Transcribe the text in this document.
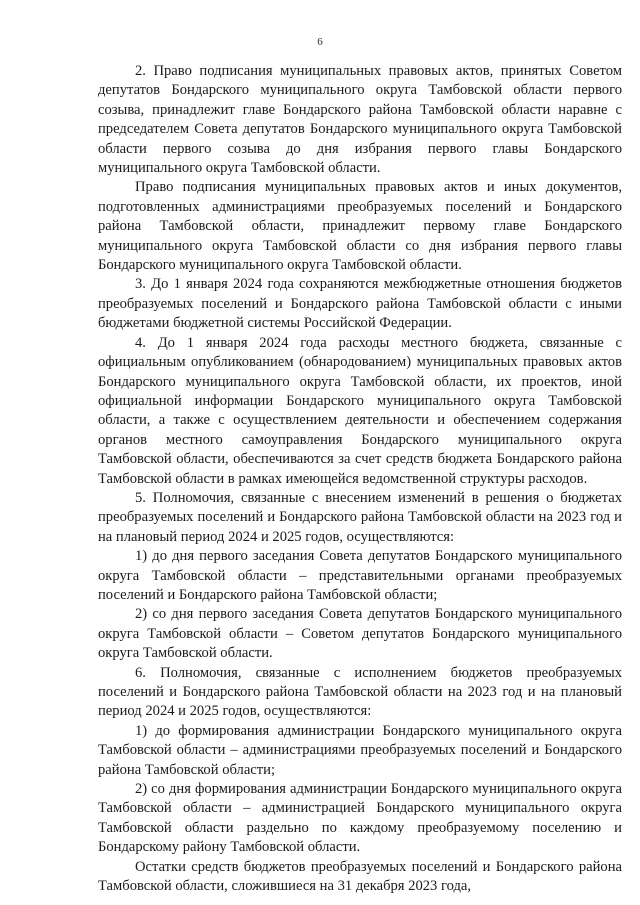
6

2. Право подписания муниципальных правовых актов, принятых Советом депутатов Бондарского муниципального округа Тамбовской области первого созыва, принадлежит главе Бондарского района Тамбовской области наравне с председателем Совета депутатов Бондарского муниципального округа Тамбовской области первого созыва до дня избрания первого главы Бондарского муниципального округа Тамбовской области.

Право подписания муниципальных правовых актов и иных документов, подготовленных администрациями преобразуемых поселений и Бондарского района Тамбовской области, принадлежит первому главе Бондарского муниципального округа Тамбовской области со дня избрания первого главы Бондарского муниципального округа Тамбовской области.

3. До 1 января 2024 года сохраняются межбюджетные отношения бюджетов преобразуемых поселений и Бондарского района Тамбовской области с иными бюджетами бюджетной системы Российской Федерации.

4. До 1 января 2024 года расходы местного бюджета, связанные с официальным опубликованием (обнародованием) муниципальных правовых актов Бондарского муниципального округа Тамбовской области, их проектов, иной официальной информации Бондарского муниципального округа Тамбовской области, а также с осуществлением деятельности и обеспечением содержания органов местного самоуправления Бондарского муниципального округа Тамбовской области, обеспечиваются за счет средств бюджета Бондарского района Тамбовской области в рамках имеющейся ведомственной структуры расходов.

5. Полномочия, связанные с внесением изменений в решения о бюджетах преобразуемых поселений и Бондарского района Тамбовской области на 2023 год и на плановый период 2024 и 2025 годов, осуществляются:

1) до дня первого заседания Совета депутатов Бондарского муниципального округа Тамбовской области – представительными органами преобразуемых поселений и Бондарского района Тамбовской области;

2) со дня первого заседания Совета депутатов Бондарского муниципального округа Тамбовской области – Советом депутатов Бондарского муниципального округа Тамбовской области.

6. Полномочия, связанные с исполнением бюджетов преобразуемых поселений и Бондарского района Тамбовской области на 2023 год и на плановый период 2024 и 2025 годов, осуществляются:

1) до формирования администрации Бондарского муниципального округа Тамбовской области – администрациями преобразуемых поселений и Бондарского района Тамбовской области;

2) со дня формирования администрации Бондарского муниципального округа Тамбовской области – администрацией Бондарского муниципального округа Тамбовской области раздельно по каждому преобразуемому поселению и Бондарскому району Тамбовской области.

Остатки средств бюджетов преобразуемых поселений и Бондарского района Тамбовской области, сложившиеся на 31 декабря 2023 года,
